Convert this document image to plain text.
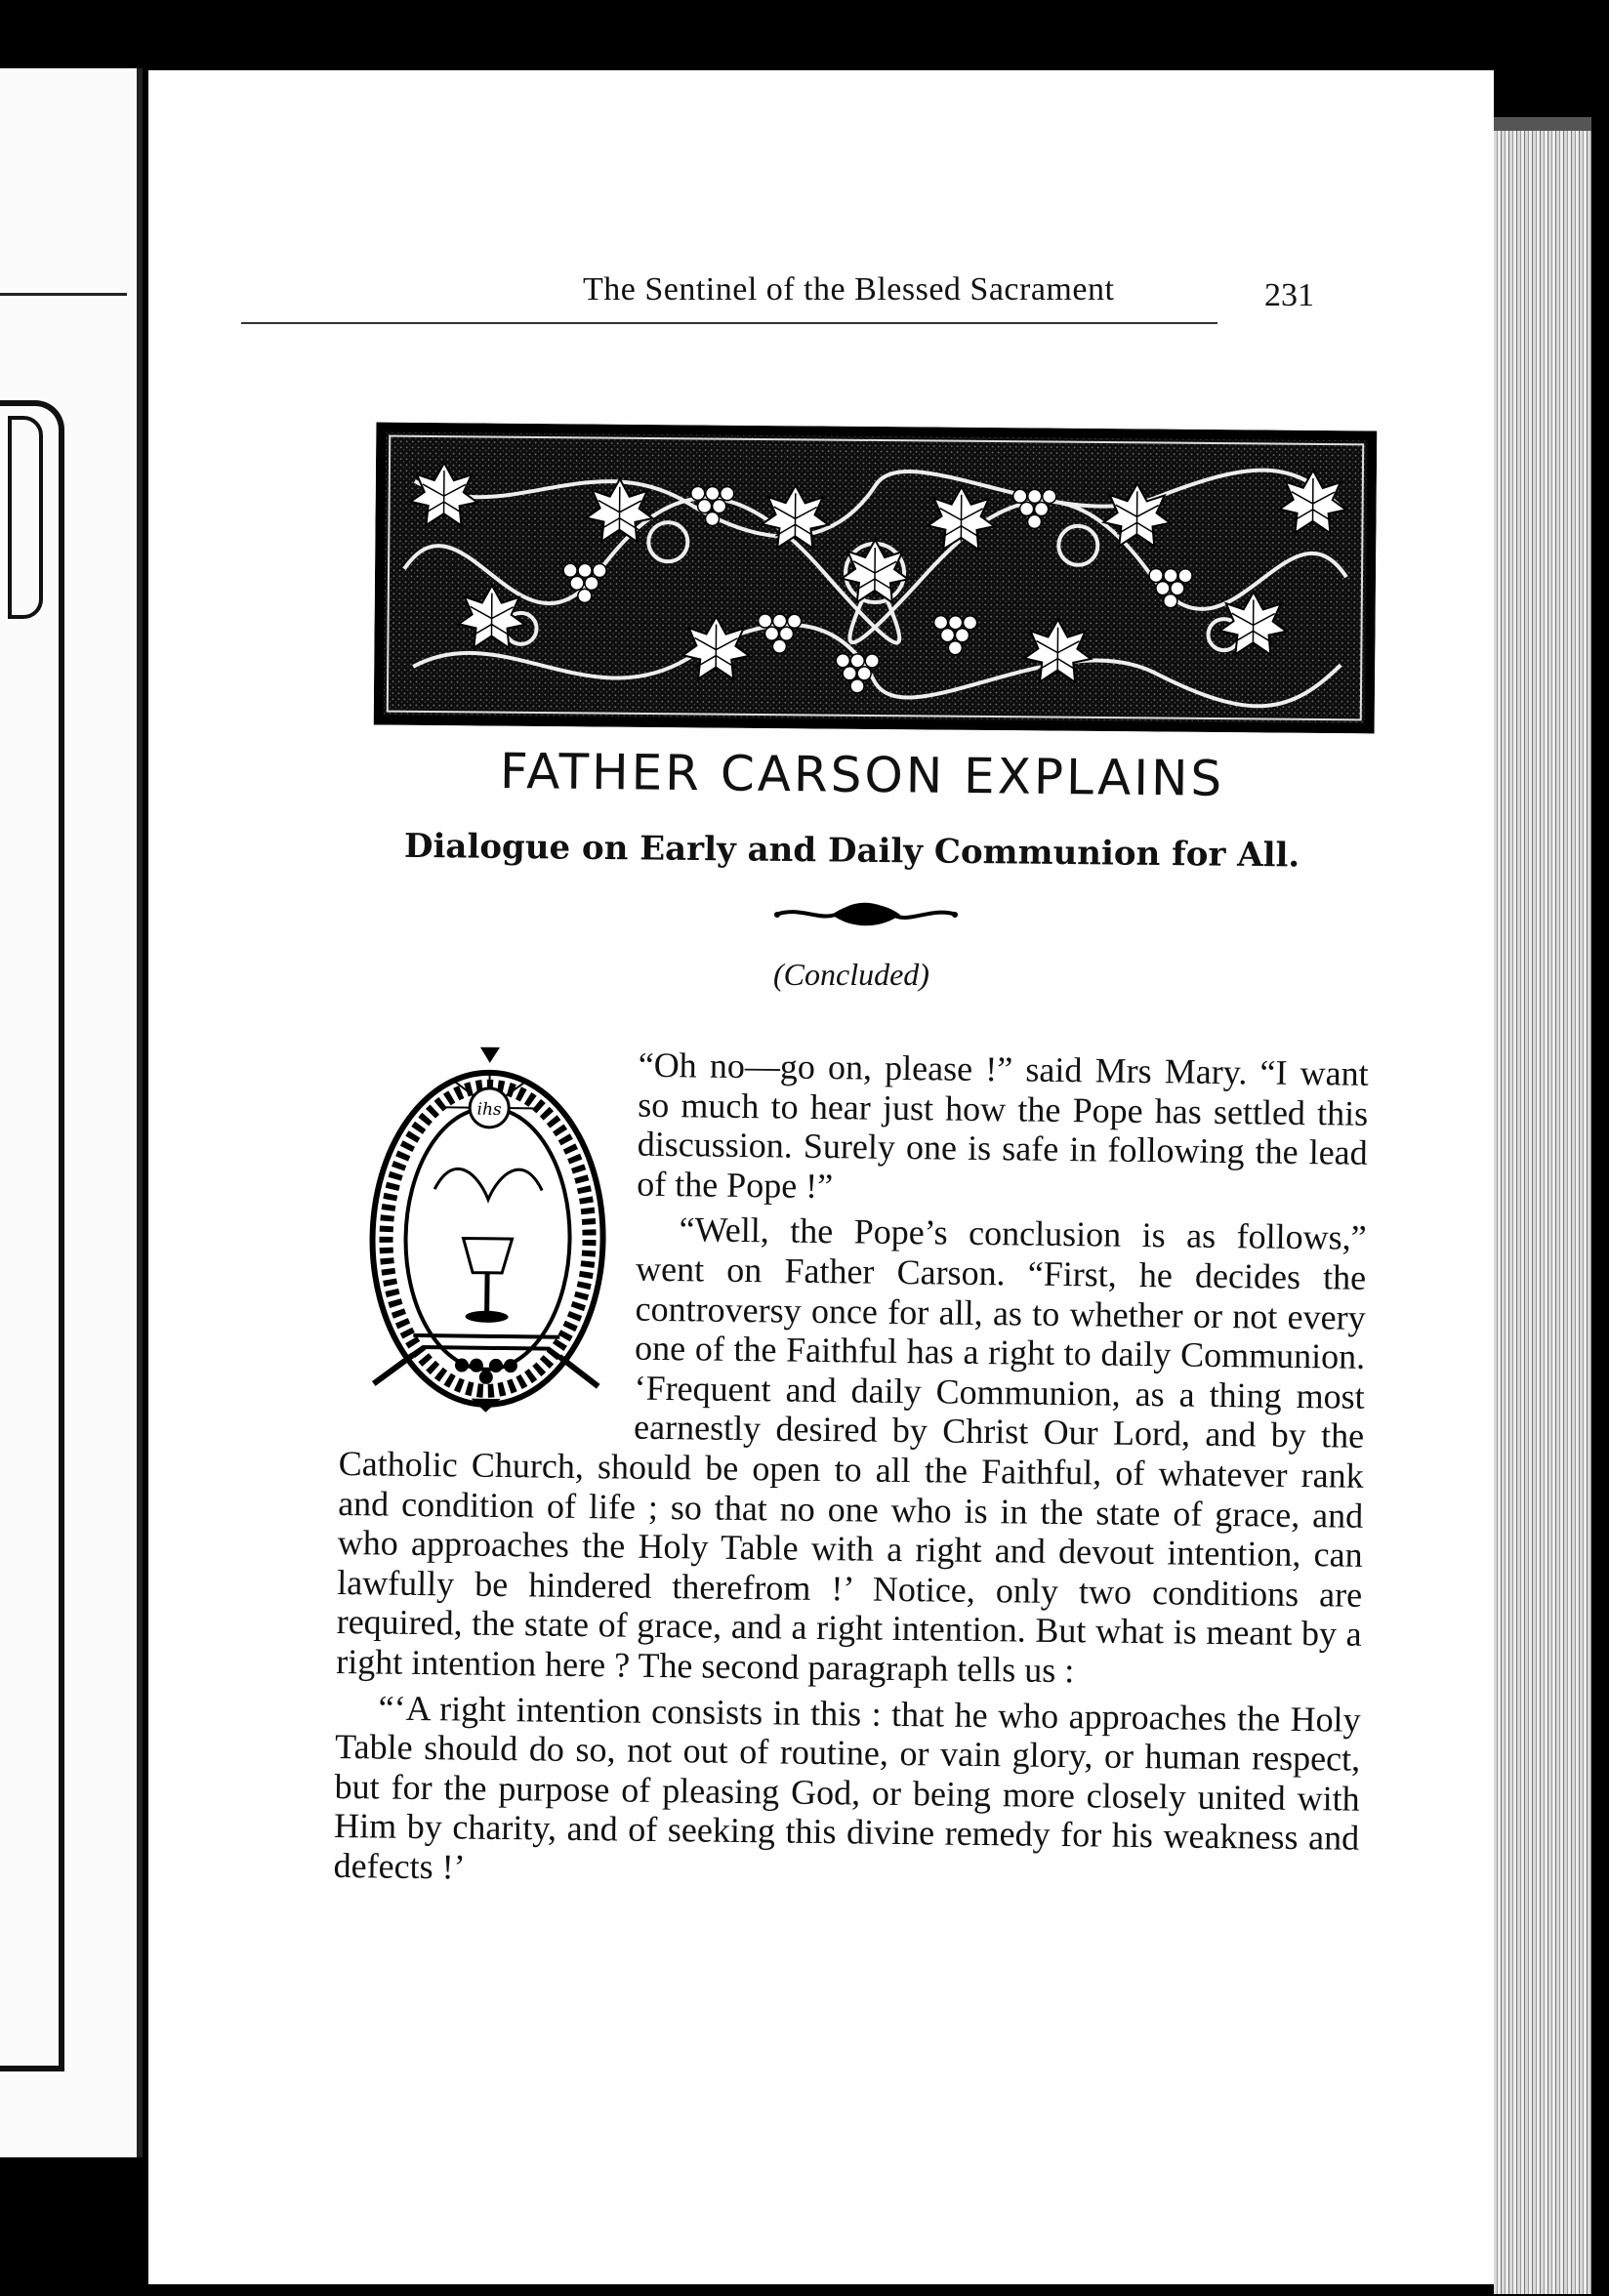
The Sentinel of the Blessed Sacrament	231
FATHER CARSON EXPLAINS
Dialogue on Early and Daily Communion for All.
(Concluded)
ihs

“Oh no—go on, please !” said Mrs Mary. “I want so much to hear just how the Pope has settled this discussion. Surely one is safe in following the lead of the Pope !”

“Well, the Pope’s conclusion is as follows,” went on Father Carson. “First, he decides the controversy once for all, as to whether or not every one of the Faithful has a right to daily Communion. ‘Frequent and daily Communion, as a thing most earnestly desired by Christ Our Lord, and by the Catholic Church, should be open to all the Faithful, of whatever rank and condition of life ; so that no one who is in the state of grace, and who approaches the Holy Table with a right and devout intention, can lawfully be hindered therefrom !’ Notice, only two conditions are required, the state of grace, and a right intention. But what is meant by a right intention here ? The second paragraph tells us :

“‘A right intention consists in this : that he who approaches the Holy Table should do so, not out of routine, or vain glory, or human respect, but for the purpose of pleasing God, or being more closely united with Him by charity, and of seeking this divine remedy for his weakness and defects !’
